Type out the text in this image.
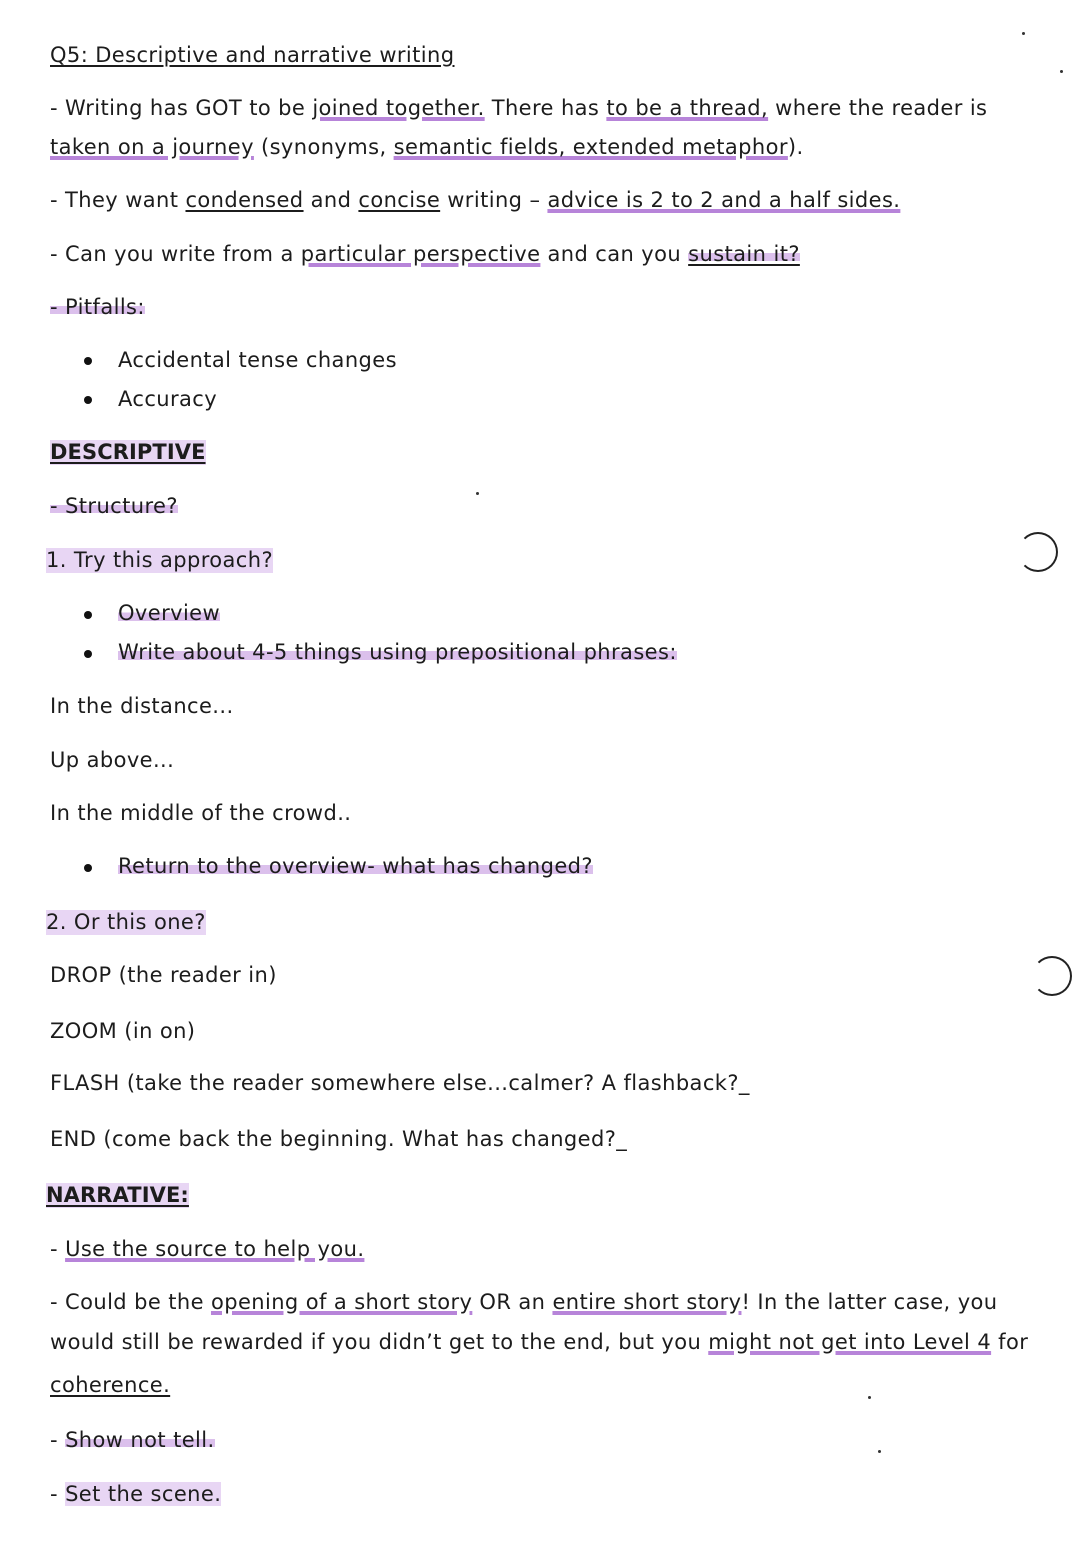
Q5: Descriptive and narrative writing
- Writing has GOT to be joined together. There has to be a thread, where the reader is
taken on a journey (synonyms, semantic fields, extended metaphor).
- They want condensed and concise writing – advice is 2 to 2 and a half sides.
- Can you write from a particular perspective and can you sustain it?
- Pitfalls:
Accidental tense changes
Accuracy
DESCRIPTIVE
- Structure?
1. Try this approach?
Overview
Write about 4-5 things using prepositional phrases:
In the distance...
Up above...
In the middle of the crowd..
Return to the overview- what has changed?
2. Or this one?
DROP (the reader in)
ZOOM (in on)
FLASH (take the reader somewhere else...calmer? A flashback?_
END (come back the beginning. What has changed?_
NARRATIVE:
- Use the source to help you.
- Could be the opening of a short story OR an entire short story! In the latter case, you
would still be rewarded if you didn’t get to the end, but you might not get into Level 4 for
coherence.
- Show not tell.
- Set the scene.
